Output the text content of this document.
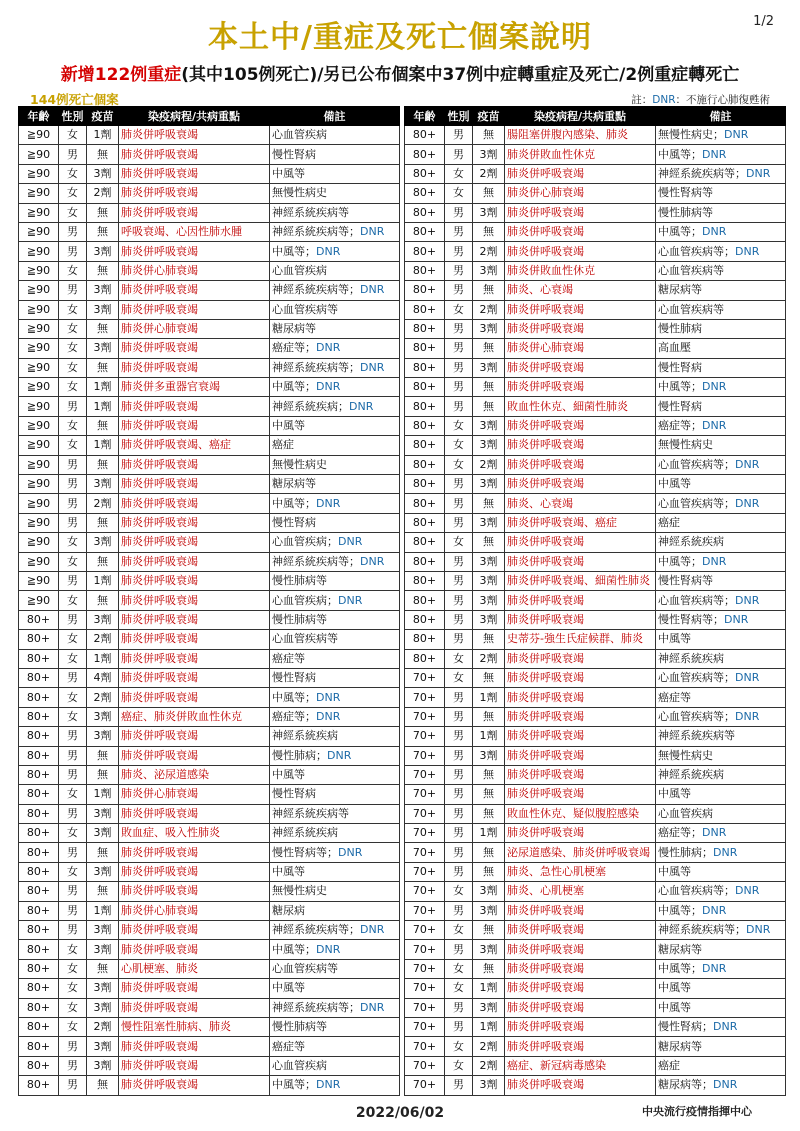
1/2
本土中/重症及死亡個案說明
新增122例重症(其中105例死亡)/另已公布個案中37例中症轉重症及死亡/2例重症轉死亡
144例死亡個案	註：DNR：不施行心肺復甦術
年齡	性別	疫苗	染疫病程/共病重點	備註
≧90	女	1劑	肺炎併呼吸衰竭	心血管疾病
≧90	男	無	肺炎併呼吸衰竭	慢性腎病
≧90	女	3劑	肺炎併呼吸衰竭	中風等
≧90	女	2劑	肺炎併呼吸衰竭	無慢性病史
≧90	女	無	肺炎併呼吸衰竭	神經系統疾病等
≧90	男	無	呼吸衰竭、心因性肺水腫	神經系統疾病等；DNR
≧90	男	3劑	肺炎併呼吸衰竭	中風等；DNR
≧90	女	無	肺炎併心肺衰竭	心血管疾病
≧90	男	3劑	肺炎併呼吸衰竭	神經系統疾病等；DNR
≧90	女	3劑	肺炎併呼吸衰竭	心血管疾病等
≧90	女	無	肺炎併心肺衰竭	糖尿病等
≧90	女	3劑	肺炎併呼吸衰竭	癌症等；DNR
≧90	女	無	肺炎併呼吸衰竭	神經系統疾病等；DNR
≧90	女	1劑	肺炎併多重器官衰竭	中風等；DNR
≧90	男	1劑	肺炎併呼吸衰竭	神經系統疾病；DNR
≧90	女	無	肺炎併呼吸衰竭	中風等
≧90	女	1劑	肺炎併呼吸衰竭、癌症	癌症
≧90	男	無	肺炎併呼吸衰竭	無慢性病史
≧90	男	3劑	肺炎併呼吸衰竭	糖尿病等
≧90	男	2劑	肺炎併呼吸衰竭	中風等；DNR
≧90	男	無	肺炎併呼吸衰竭	慢性腎病
≧90	女	3劑	肺炎併呼吸衰竭	心血管疾病；DNR
≧90	女	無	肺炎併呼吸衰竭	神經系統疾病等；DNR
≧90	男	1劑	肺炎併呼吸衰竭	慢性肺病等
≧90	女	無	肺炎併呼吸衰竭	心血管疾病；DNR
80+	男	3劑	肺炎併呼吸衰竭	慢性肺病等
80+	女	2劑	肺炎併呼吸衰竭	心血管疾病等
80+	女	1劑	肺炎併呼吸衰竭	癌症等
80+	男	4劑	肺炎併呼吸衰竭	慢性腎病
80+	女	2劑	肺炎併呼吸衰竭	中風等；DNR
80+	女	3劑	癌症、肺炎併敗血性休克	癌症等；DNR
80+	男	3劑	肺炎併呼吸衰竭	神經系統疾病
80+	男	無	肺炎併呼吸衰竭	慢性肺病；DNR
80+	男	無	肺炎、泌尿道感染	中風等
80+	女	1劑	肺炎併心肺衰竭	慢性腎病
80+	男	3劑	肺炎併呼吸衰竭	神經系統疾病等
80+	女	3劑	敗血症、吸入性肺炎	神經系統疾病
80+	男	無	肺炎併呼吸衰竭	慢性腎病等；DNR
80+	女	3劑	肺炎併呼吸衰竭	中風等
80+	男	無	肺炎併呼吸衰竭	無慢性病史
80+	男	1劑	肺炎併心肺衰竭	糖尿病
80+	男	3劑	肺炎併呼吸衰竭	神經系統疾病等；DNR
80+	女	3劑	肺炎併呼吸衰竭	中風等；DNR
80+	女	無	心肌梗塞、肺炎	心血管疾病等
80+	女	3劑	肺炎併呼吸衰竭	中風等
80+	女	3劑	肺炎併呼吸衰竭	神經系統疾病等；DNR
80+	女	2劑	慢性阻塞性肺病、肺炎	慢性肺病等
80+	男	3劑	肺炎併呼吸衰竭	癌症等
80+	男	3劑	肺炎併呼吸衰竭	心血管疾病
80+	男	無	肺炎併呼吸衰竭	中風等；DNR
年齡	性別	疫苗	染疫病程/共病重點	備註
80+	男	無	腸阻塞併腹內感染、肺炎	無慢性病史；DNR
80+	男	3劑	肺炎併敗血性休克	中風等；DNR
80+	女	2劑	肺炎併呼吸衰竭	神經系統疾病等；DNR
80+	女	無	肺炎併心肺衰竭	慢性腎病等
80+	男	3劑	肺炎併呼吸衰竭	慢性肺病等
80+	男	無	肺炎併呼吸衰竭	中風等；DNR
80+	男	2劑	肺炎併呼吸衰竭	心血管疾病等；DNR
80+	男	3劑	肺炎併敗血性休克	心血管疾病等
80+	男	無	肺炎、心衰竭	糖尿病等
80+	女	2劑	肺炎併呼吸衰竭	心血管疾病等
80+	男	3劑	肺炎併呼吸衰竭	慢性肺病
80+	男	無	肺炎併心肺衰竭	高血壓
80+	男	3劑	肺炎併呼吸衰竭	慢性腎病
80+	男	無	肺炎併呼吸衰竭	中風等；DNR
80+	男	無	敗血性休克、細菌性肺炎	慢性腎病
80+	女	3劑	肺炎併呼吸衰竭	癌症等；DNR
80+	女	3劑	肺炎併呼吸衰竭	無慢性病史
80+	女	2劑	肺炎併呼吸衰竭	心血管疾病等；DNR
80+	男	3劑	肺炎併呼吸衰竭	中風等
80+	男	無	肺炎、心衰竭	心血管疾病等；DNR
80+	男	3劑	肺炎併呼吸衰竭、癌症	癌症
80+	女	無	肺炎併呼吸衰竭	神經系統疾病
80+	男	3劑	肺炎併呼吸衰竭	中風等；DNR
80+	男	3劑	肺炎併呼吸衰竭、細菌性肺炎	慢性腎病等
80+	男	3劑	肺炎併呼吸衰竭	心血管疾病等；DNR
80+	男	3劑	肺炎併呼吸衰竭	慢性腎病等；DNR
80+	男	無	史蒂芬-強生氏症候群、肺炎	中風等
80+	女	2劑	肺炎併呼吸衰竭	神經系統疾病
70+	女	無	肺炎併呼吸衰竭	心血管疾病等；DNR
70+	男	1劑	肺炎併呼吸衰竭	癌症等
70+	男	無	肺炎併呼吸衰竭	心血管疾病等；DNR
70+	男	1劑	肺炎併呼吸衰竭	神經系統疾病等
70+	男	3劑	肺炎併呼吸衰竭	無慢性病史
70+	男	無	肺炎併呼吸衰竭	神經系統疾病
70+	男	無	肺炎併呼吸衰竭	中風等
70+	男	無	敗血性休克、疑似腹腔感染	心血管疾病
70+	男	1劑	肺炎併呼吸衰竭	癌症等；DNR
70+	男	無	泌尿道感染、肺炎併呼吸衰竭	慢性肺病；DNR
70+	男	無	肺炎、急性心肌梗塞	中風等
70+	女	3劑	肺炎、心肌梗塞	心血管疾病等；DNR
70+	男	3劑	肺炎併呼吸衰竭	中風等；DNR
70+	女	無	肺炎併呼吸衰竭	神經系統疾病等；DNR
70+	男	3劑	肺炎併呼吸衰竭	糖尿病等
70+	女	無	肺炎併呼吸衰竭	中風等；DNR
70+	女	1劑	肺炎併呼吸衰竭	中風等
70+	男	3劑	肺炎併呼吸衰竭	中風等
70+	男	1劑	肺炎併呼吸衰竭	慢性腎病；DNR
70+	女	2劑	肺炎併呼吸衰竭	糖尿病等
70+	女	2劑	癌症、新冠病毒感染	癌症
70+	男	3劑	肺炎併呼吸衰竭	糖尿病等；DNR
2022/06/02	中央流行疫情指揮中心
